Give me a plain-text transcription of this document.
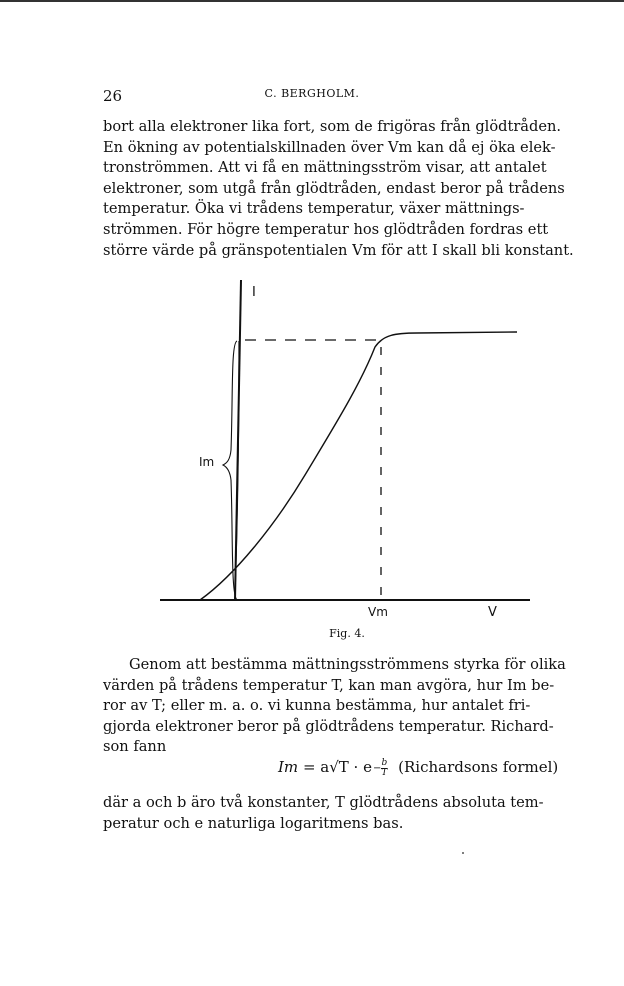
26	C. BERGHOLM.
bort alla elektroner lika fort, som de frigöras från glödtråden.
En ökning av potentialskillnaden över Vm kan då ej öka elek-
tronströmmen. Att vi få en mättningsström visar, att antalet
elektroner, som utgå från glödtråden, endast beror på trådens
temperatur. Öka vi trådens temperatur, växer mättnings-
strömmen. För högre temperatur hos glödtråden fordras ett
större värde på gränspotentialen Vm för att I skall bli konstant.
I
Im
Vm	V
Fig. 4.
Genom att bestämma mättningsströmmens styrka för olika
värden på trådens temperatur T, kan man avgöra, hur Im be-
ror av T; eller m. a. o. vi kunna bestämma, hur antalet fri-
gjorda elektroner beror på glödtrådens temperatur. Richard-
son fann
$Im = a√T \cdot e- \frac{b}{T}$ (Richardsons formel)
där a och b äro två konstanter, T glödtrådens absoluta tem-
peratur och e naturliga logaritmens bas.
